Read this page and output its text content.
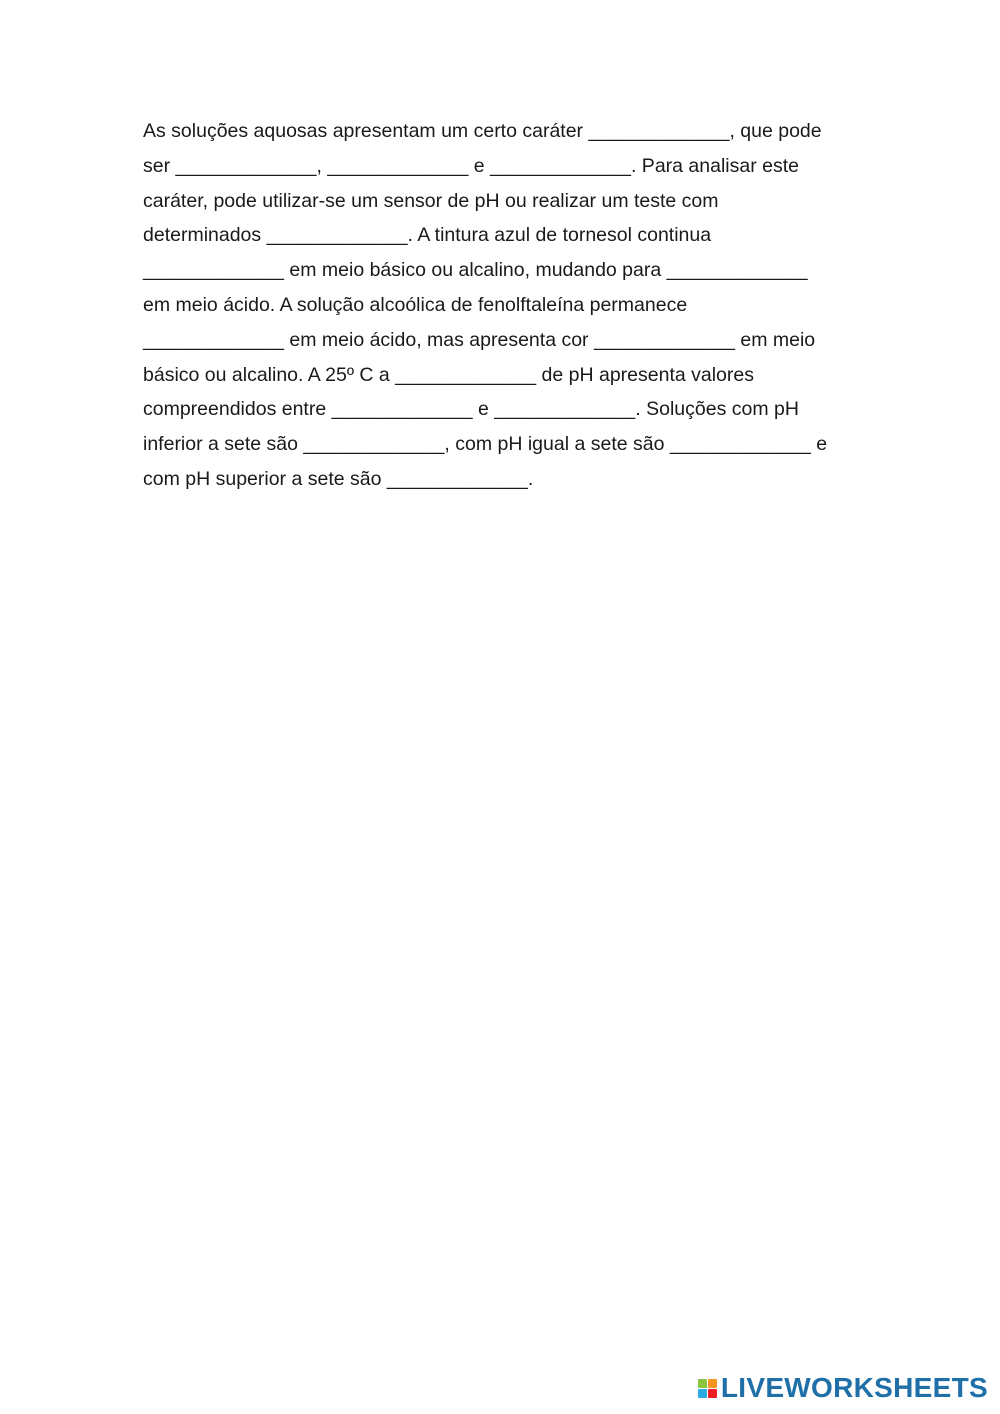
As soluções aquosas apresentam um certo caráter _____________, que pode
ser _____________, _____________ e _____________. Para analisar este
caráter, pode utilizar-se um sensor de pH ou realizar um teste com
determinados _____________. A tintura azul de tornesol continua
_____________ em meio básico ou alcalino, mudando para _____________
em meio ácido. A solução alcoólica de fenolftaleína permanece
_____________ em meio ácido, mas apresenta cor _____________ em meio
básico ou alcalino. A 25º C a _____________ de pH apresenta valores
compreendidos entre _____________ e _____________. Soluções com pH
inferior a sete são _____________, com pH igual a sete são _____________ e
com pH superior a sete são _____________.
LIVEWORKSHEETS
